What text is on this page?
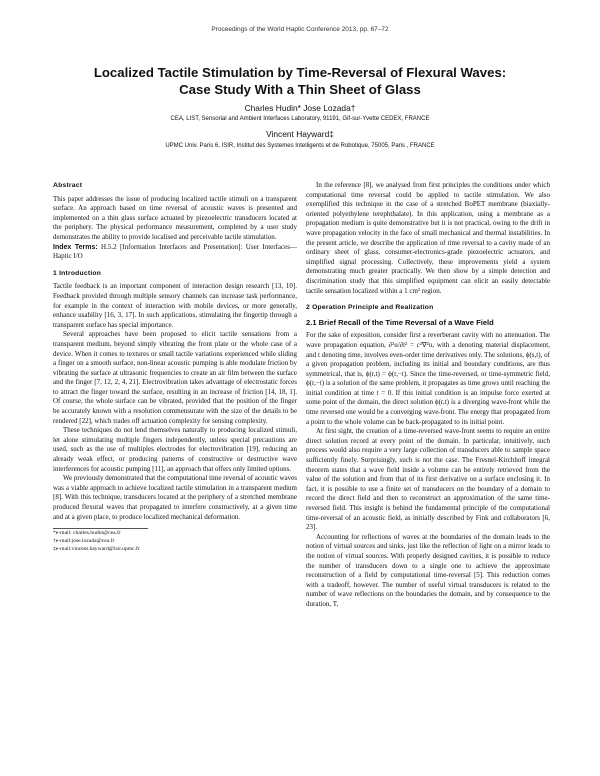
Proceedings of the World Haptic Conference 2013, pp. 67–72
Localized Tactile Stimulation by Time-Reversal of Flexural Waves:
Case Study With a Thin Sheet of Glass
Charles Hudin* Jose Lozada†
CEA, LIST, Sensorial and Ambient Interfaces Laboratory, 91191, Gif-sur-Yvette CEDEX, FRANCE
Vincent Hayward‡
UPMC Univ. Paris 6, ISIR, Institut des Systemes Intelligents et de Robotique, 75005, Paris , FRANCE
Abstract

This paper addresses the issue of producing localized tactile stimuli on a transparent surface. An approach based on time reversal of acoustic waves is presented and implemented on a thin glass surface actuated by piezoelectric transducers located at the periphery. The physical performance measurement, completed by a user study demonstrates the ability to provide localised and perceivable tactile stimulation.

Index Terms: H.5.2 [Information Interfaces and Presentation]: User Interfaces—Haptic I/O

1 Introduction

Tactile feedback is an important component of interaction design research [13, 10]. Feedback provided through multiple sensory channels can increase task performance, for example in the context of interaction with mobile devices, or more generally, enhance usability [16, 3, 17]. In such applications, stimulating the fingertip through a transparent surface has special importance.

Several approaches have been proposed to elicit tactile sensations from a transparent medium, beyond simply vibrating the front plate or the whole case of a device. When it comes to textures or small tactile variations experienced while sliding a finger on a smooth surface, non-linear acoustic pumping is able modulate friction by vibrating the surface at ultrasonic frequencies to create an air film between the surface and the finger [7, 12, 2, 4, 21]. Electrovibration takes advantage of electrostatic forces to attract the finger toward the surface, resulting in an increase of friction [14, 18, 1]. Of course, the whole surface can be vibrated, provided that the position of the finger be accurately known with a resolution commensurate with the size of the details to be rendered [22], which trades off actuation complexity for sensing complexity.

These techniques do not lend themselves naturally to producing localized stimuli, let alone stimulating multiple fingers independently, unless special precautions are used, such as the use of multiples electrodes for electrovibration [19], reducing an already weak effect, or producing patterns of constructive or destructive wave interferences for acoustic pumping [11], an approach that offers only limited options.

We previously demonstrated that the computational time reversal of acoustic waves was a viable approach to achieve localized tactile stimulation in a transparent medium [8]. With this technique, transducers located at the periphery of a stretched membrane produced flexural waves that propagated to interfere constructively, at a given time and at a given place, to produce localized mechanical deformation.

*e-mail: charles.hudin@cea.fr
†e-mail:jose.lozada@cea.fr
‡e-mail:vincent.hayward@isir.upmc.fr

In the reference [8], we analysed from first principles the conditions under which computational time reversal could be applied to tactile stimulation. We also exemplified this technique in the case of a stretched BoPET membrane (biaxially-oriented polyethylene terephthalate). In this application, using a membrane as a propagation medium is quite demonstrative but it is not practical, owing to the drift in wave propagation velocity in the face of small mechanical and thermal instabilities. In the present article, we describe the application of time reversal to a cavity made of an ordinary sheet of glass, consumer-electronics-grade piezoelectric actuators, and simplified signal processing. Collectively, these improvements yield a system demonstrating much greater practically. We then show by a simple detection and discrimination study that this simplified equipment can elicit an easily detectable tactile sensation localized within a 1 cm² region.

2 Operation Principle and Realization
2.1 Brief Recall of the Time Reversal of a Wave Field

For the sake of exposition, consider first a reverberant cavity with no attenuation. The wave propagation equation, ∂²u/∂t² = c²∇²u, with a denoting material displacement, and t denoting time, involves even-order time derivatives only. The solutions, ϕ(s,t), of a given propagation problem, including its initial and boundary conditions, are thus symmetrical, that is, ϕ(r,t) = ϕ(r,−t). Since the time-reversed, or time-symmetric field, ϕ(r,−t) is a solution of the same problem, it propagates as time grows until reaching the initial condition at time t = 0. If this initial condition is an impulse force exerted at some point of the domain, the direct solution ϕ(r,t) is a diverging wave-front while the time reversed one would be a converging wave-front. The energy that propagated from a point to the whole volume can be back-propagated to its initial point.

At first sight, the creation of a time-reversed wave-front seems to require an entire direct solution record at every point of the domain. In particular, intuitively, such process would also require a very large collection of transducers able to sample space sufficiently finely. Surprisingly, such is not the case. The Fresnel-Kirchhoff integral theorem states that a wave field inside a volume can be entirely retrieved from the value of the solution and from that of its first derivative on a surface enclosing it. In fact, it is possible to use a finite set of transducers on the boundary of a domain to record the direct field and then to reconstruct an approximation of the same time-reversed field. This insight is behind the fundamental principle of the computational time-reversal of an acoustic field, as initially described by Fink and collaborators [6, 23].

Accounting for reflections of waves at the boundaries of the domain leads to the notion of virtual sources and sinks, just like the reflection of light on a mirror leads to the notion of virtual sources. With properly designed cavities, it is possible to reduce the number of transducers down to a single one to achieve the approximate reconstruction of a field by computational time-reversal [5]. This reduction comes with a tradeoff, however. The number of useful virtual transducers is related to the number of wave reflections on the boundaries the domain, and by consequence to the duration, T,
